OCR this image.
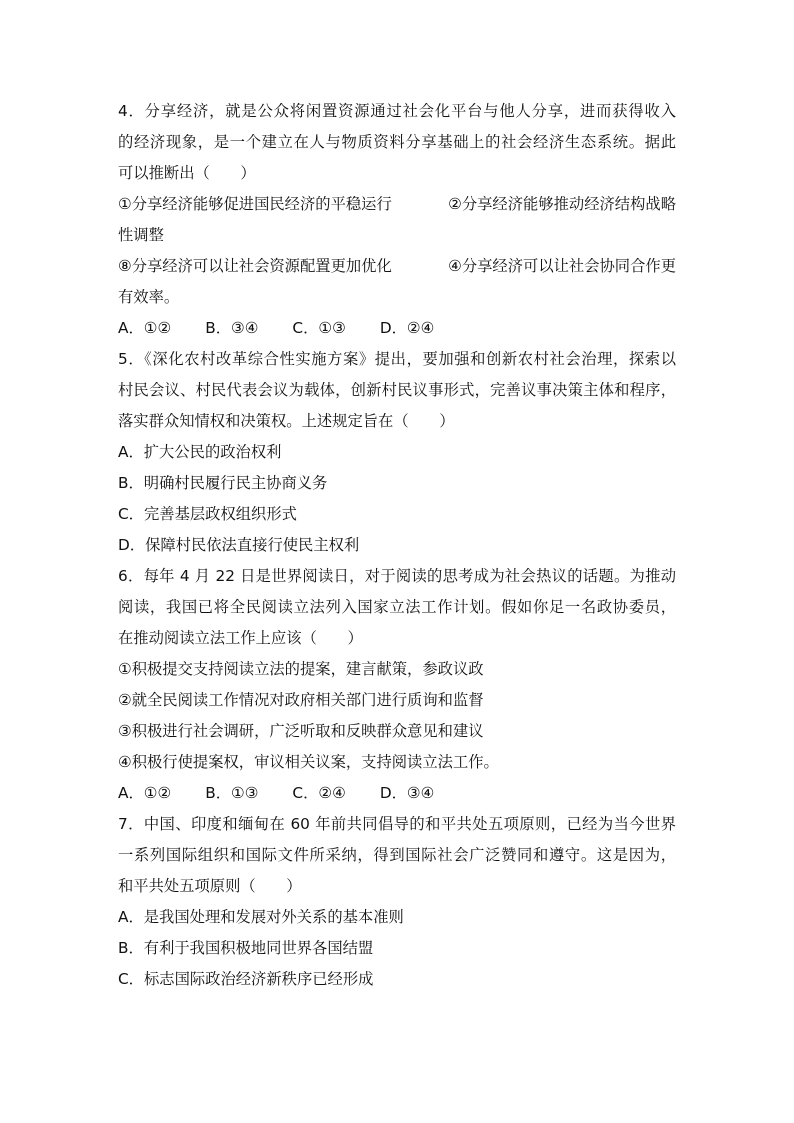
4．分享经济，就是公众将闲置资源通过社会化平台与他人分享，进而获得收入
的经济现象，是一个建立在人与物质资料分享基础上的社会经济生态系统。据此
可以推断出（　　）
①分享经济能够促进国民经济的平稳运行	②分享经济能够推动经济结构战略
性调整
⑧分享经济可以让社会资源配置更加优化	④分享经济可以让社会协同合作更
有效率。
A．①② B．③④ C．①③ D．②④
5．《深化农村改革综合性实施方案》提出，要加强和创新农村社会治理，探索以
村民会议、村民代表会议为载体，创新村民议事形式，完善议事决策主体和程序，
落实群众知情权和决策权。上述规定旨在（　　）
A．扩大公民的政治权利
B．明确村民履行民主协商义务
C．完善基层政权组织形式
D．保障村民依法直接行使民主权利
6．每年 4 月 22 日是世界阅读日，对于阅读的思考成为社会热议的话题。为推动
阅读，我国已将全民阅读立法列入国家立法工作计划。假如你足一名政协委员，
在推动阅读立法工作上应该（　　）
①积极提交支持阅读立法的提案，建言献策，参政议政
②就全民阅读工作情况对政府相关部门进行质询和监督
③积极进行社会调研，广泛听取和反映群众意见和建议
④积极行使提案权，审议相关议案，支持阅读立法工作。
A．①② B．①③ C．②④ D．③④
7．中国、印度和缅甸在 60 年前共同倡导的和平共处五项原则，已经为当今世界
一系列国际组织和国际文件所采纳，得到国际社会广泛赞同和遵守。这是因为，
和平共处五项原则（　　）
A．是我国处理和发展对外关系的基本准则
B．有利于我国积极地同世界各国结盟
C．标志国际政治经济新秩序已经形成
